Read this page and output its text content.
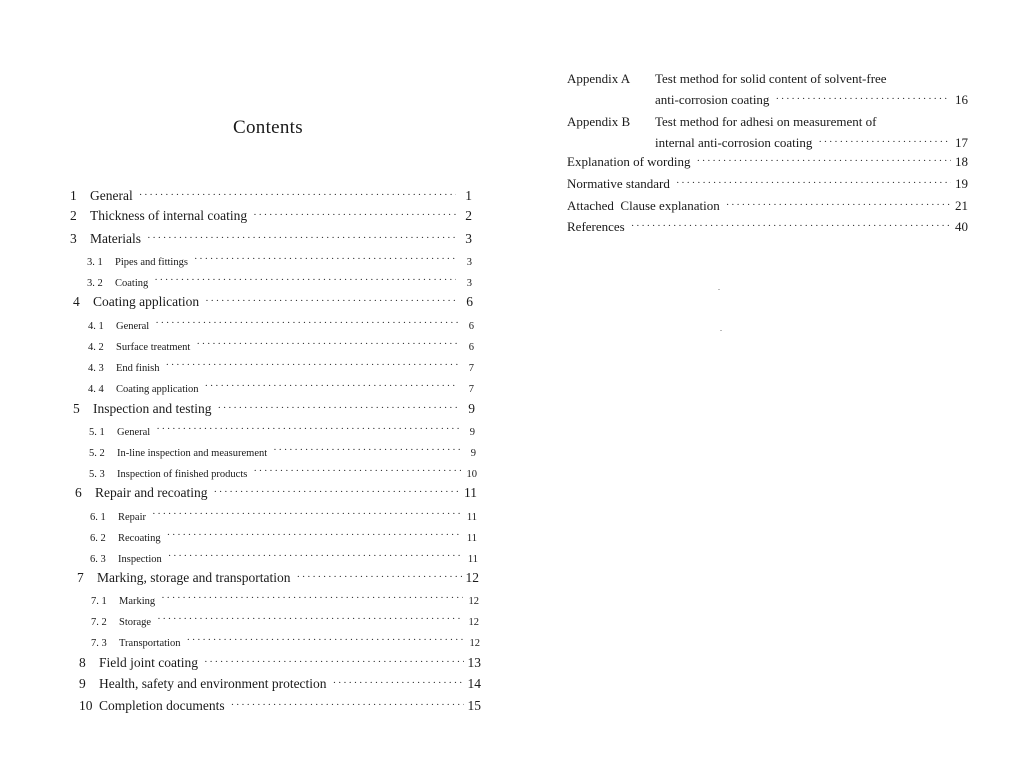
Contents
1 General ·····	1
2 Thickness of internal coating ·····	2
3 Materials ·····	3
3. 1	Pipes and fittings ·····	3
3. 2	Coating ·····	3
4 Coating application ·····	6
4. 1	General ·····	6
4. 2	Surface treatment ·····	6
4. 3	End finish ·····	7
4. 4	Coating application ·····	7
5 Inspection and testing ·····	9
5. 1	General ·····	9
5. 2	In-line inspection and measurement ·····	9
5. 3	Inspection of finished products ·····	10
6 Repair and recoating ·····	11
6. 1	Repair ·····	11
6. 2	Recoating ·····	11
6. 3	Inspection ·····	11
7 Marking, storage and transportation ·····	12
7. 1	Marking ·····	12
7. 2	Storage ·····	12
7. 3	Transportation ·····	12
8 Field joint coating ·····	13
9 Health, safety and environment protection ·····	14
10 Completion documents ·····	15
Appendix A	Test method for solid content of solvent-free
anti-corrosion coating ·····	16
Appendix B	Test method for adhesi on measurement of
internal anti-corrosion coating ·····	17
Explanation of wording ·····	18
Normative standard ·····	19
Attached  Clause explanation ·····	21
References ·····	40
